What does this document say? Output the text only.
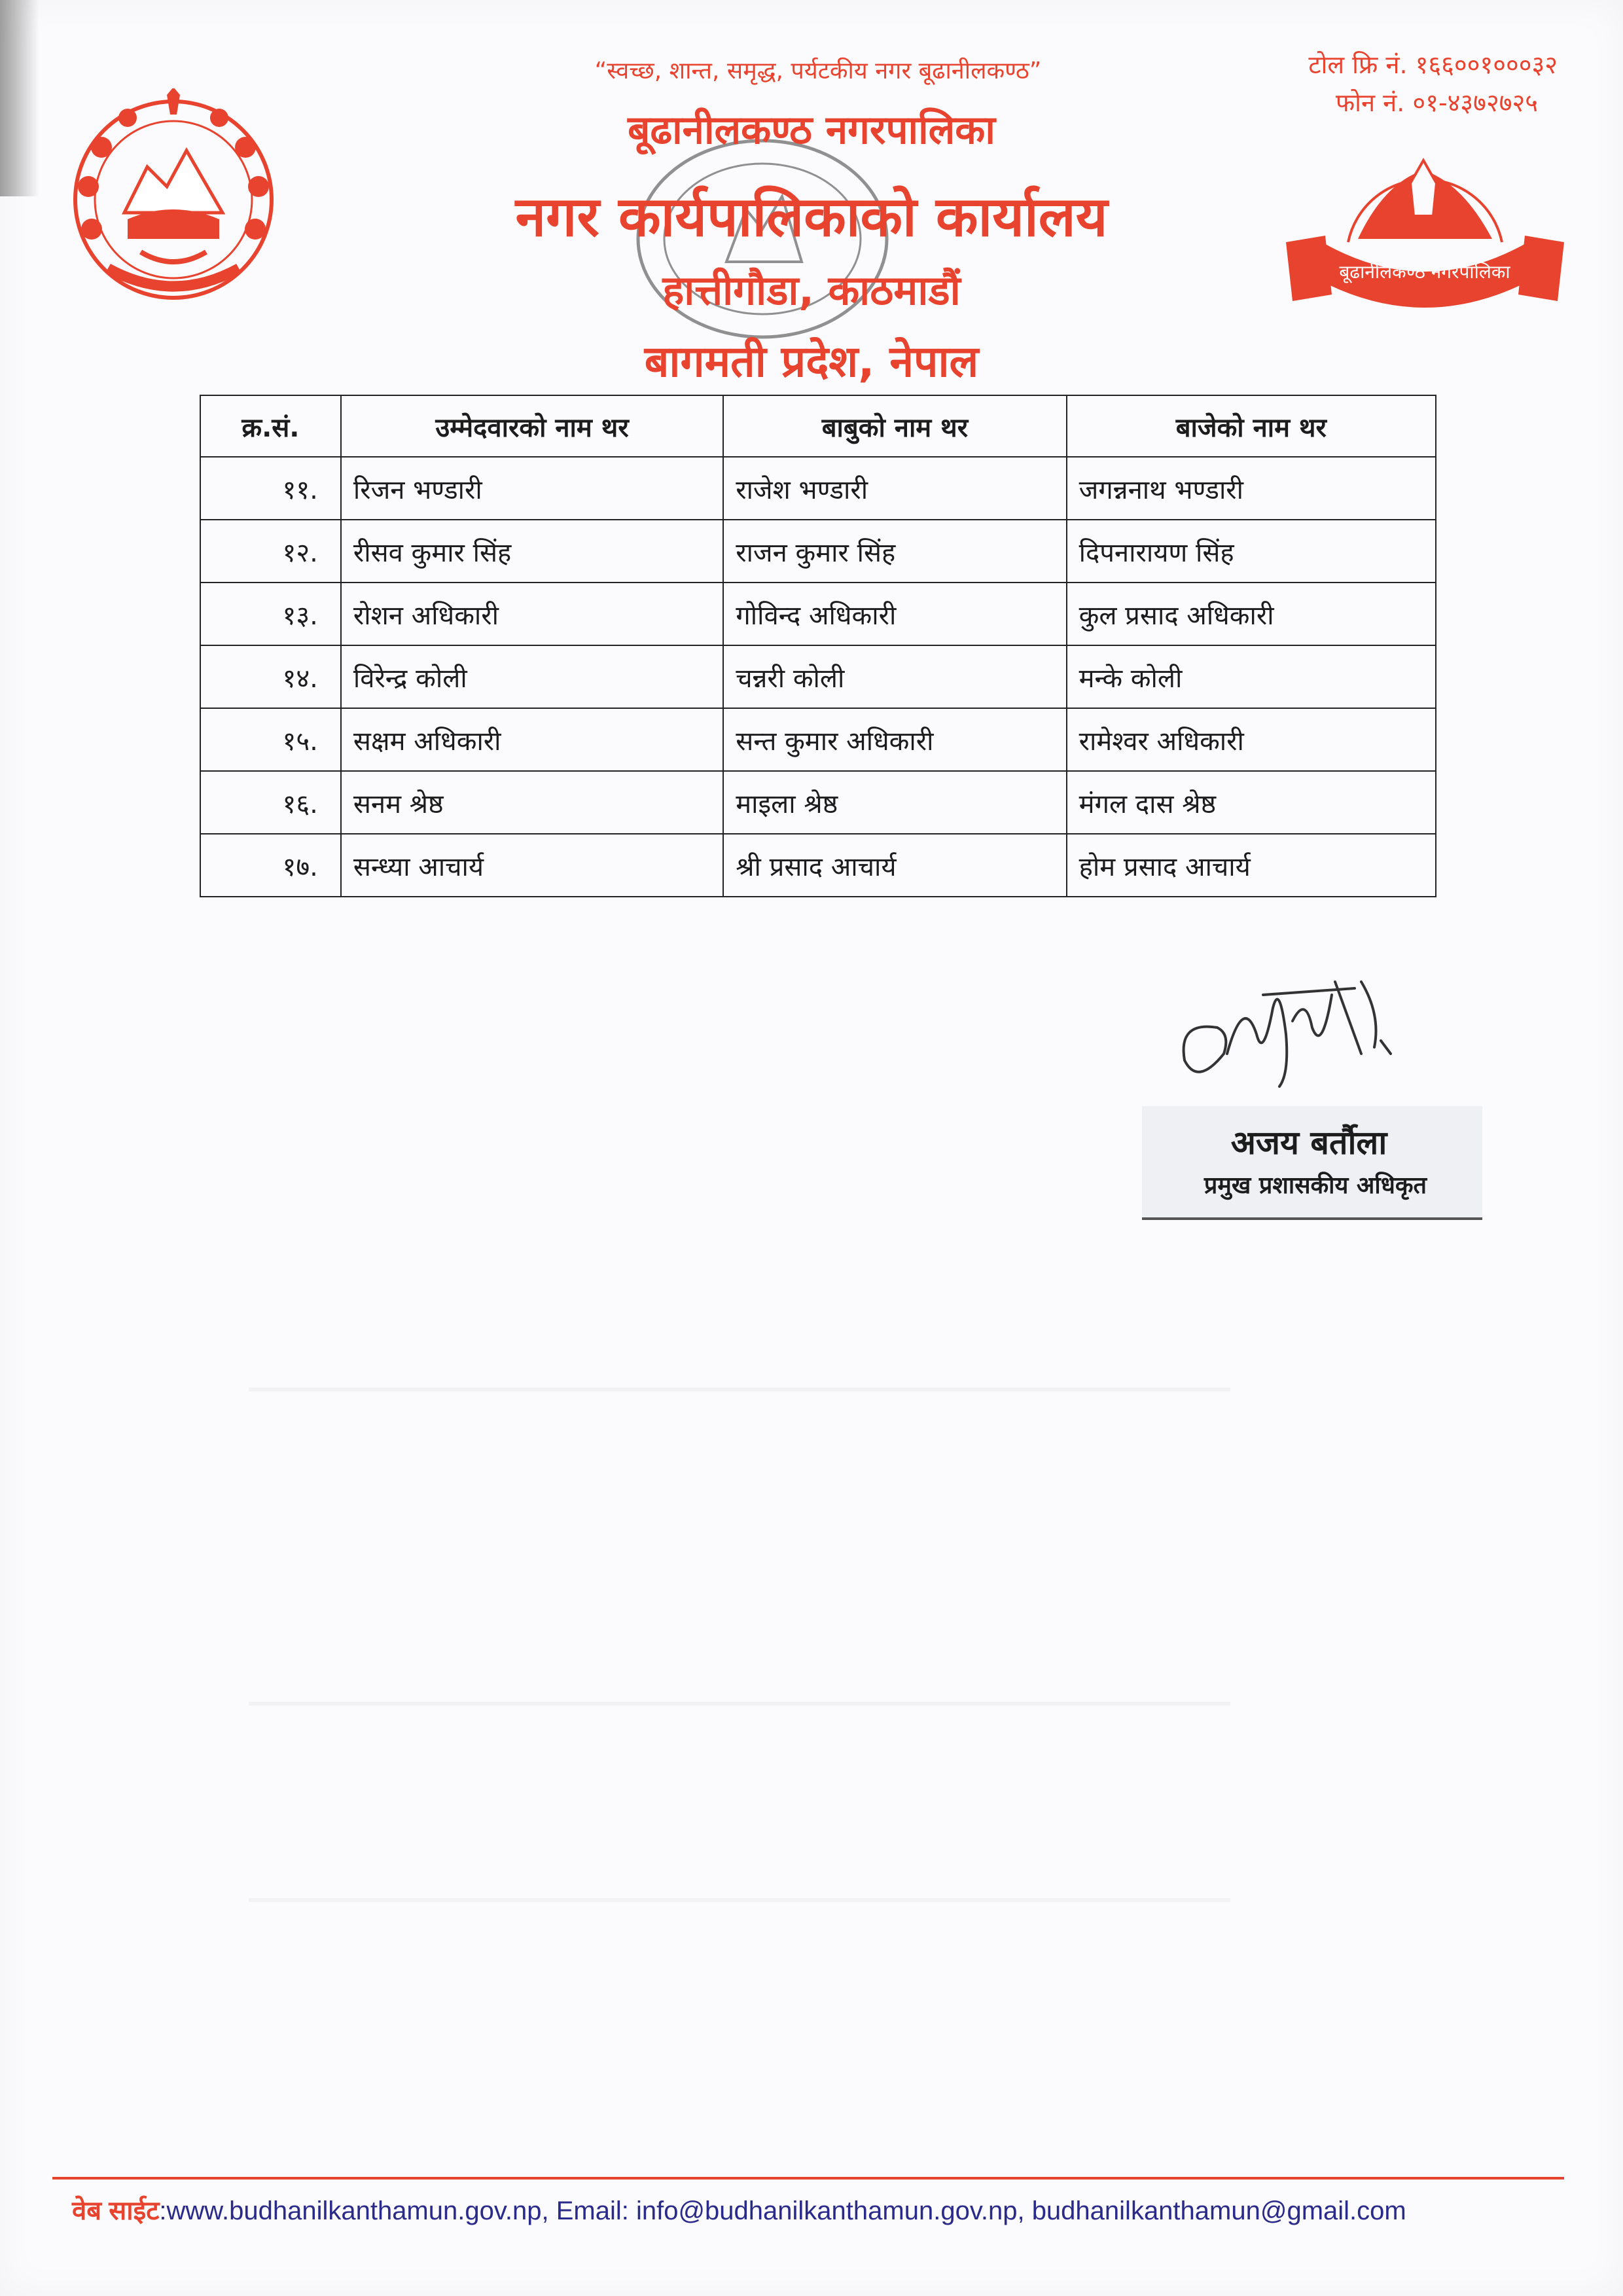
बूढानीलकण्ठ नगरपालिका
“स्वच्छ, शान्त, समृद्ध, पर्यटकीय नगर बूढानीलकण्ठ”	टोल फ्रि नं. १६६००१०००३२
फोन नं. ०१-४३७२७२५
बूढानीलकण्ठ नगरपालिका
नगर कार्यपालिकाको कार्यालय
हात्तीगौडा, काठमाडौं
बागमती प्रदेश, नेपाल
क्र.सं.	उम्मेदवारको नाम थर	बाबुको नाम थर	बाजेको नाम थर
११.	रिजन भण्डारी	राजेश भण्डारी	जगन्ननाथ भण्डारी
१२.	रीसव कुमार सिंह	राजन कुमार सिंह	दिपनारायण सिंह
१३.	रोशन अधिकारी	गोविन्द अधिकारी	कुल प्रसाद अधिकारी
१४.	विरेन्द्र कोली	चन्नरी कोली	मन्के कोली
१५.	सक्षम अधिकारी	सन्त कुमार अधिकारी	रामेश्वर अधिकारी
१६.	सनम श्रेष्ठ	माइला श्रेष्ठ	मंगल दास श्रेष्ठ
१७.	सन्ध्या आचार्य	श्री प्रसाद आचार्य	होम प्रसाद आचार्य
अजय बर्तौला
प्रमुख प्रशासकीय अधिकृत
वेब साईट:www.budhanilkanthamun.gov.np, Email: info@budhanilkanthamun.gov.np, budhanilkanthamun@gmail.com
